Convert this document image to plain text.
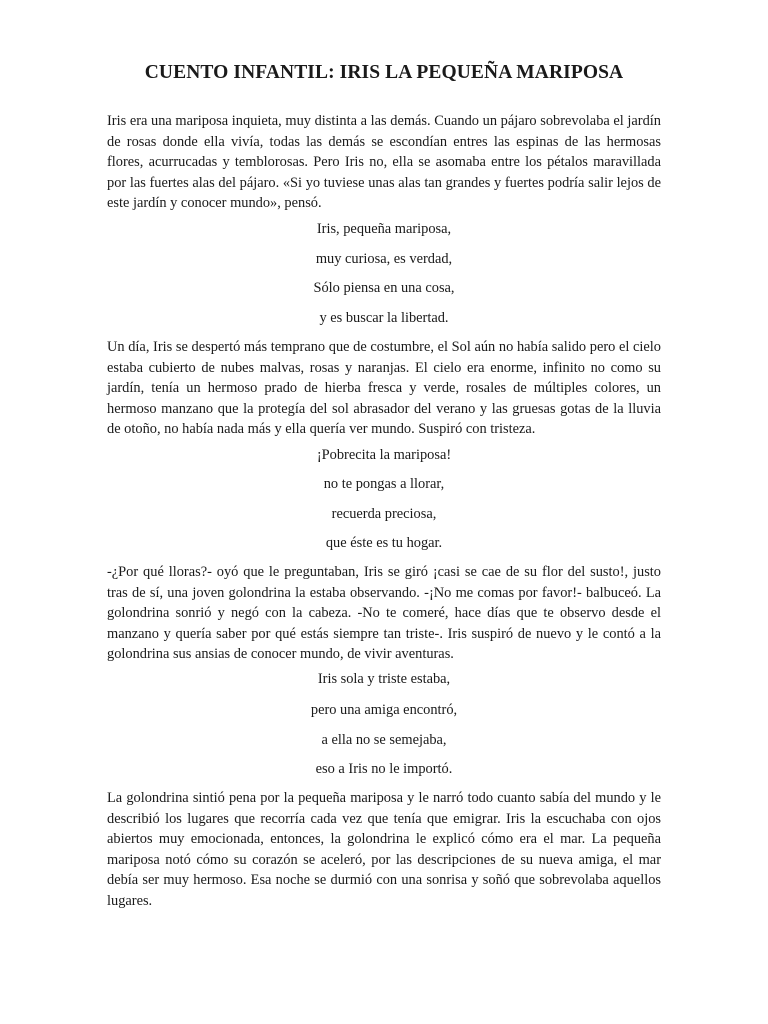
CUENTO INFANTIL: IRIS LA PEQUEÑA MARIPOSA

Iris era una mariposa inquieta, muy distinta a las demás. Cuando un pájaro sobrevolaba el jardín de rosas donde ella vivía, todas las demás se escondían entres las espinas de las hermosas flores, acurrucadas y temblorosas. Pero Iris no, ella se asomaba entre los pétalos maravillada por las fuertes alas del pájaro. «Si yo tuviese unas alas tan grandes y fuertes podría salir lejos de este jardín y conocer mundo», pensó.

Iris, pequeña mariposa,

muy curiosa, es verdad,

Sólo piensa en una cosa,

y es buscar la libertad.

Un día, Iris se despertó más temprano que de costumbre, el Sol aún no había salido pero el cielo estaba cubierto de nubes malvas, rosas y naranjas. El cielo era enorme, infinito no como su jardín, tenía un hermoso prado de hierba fresca y verde, rosales de múltiples colores, un hermoso manzano que la protegía del sol abrasador del verano y las gruesas gotas de la lluvia de otoño, no había nada más y ella quería ver mundo. Suspiró con tristeza.

¡Pobrecita la mariposa!

no te pongas a llorar,

recuerda preciosa,

que éste es tu hogar.

-¿Por qué lloras?- oyó que le preguntaban, Iris se giró ¡casi se cae de su flor del susto!, justo tras de sí, una joven golondrina la estaba observando. -¡No me comas por favor!- balbuceó. La golondrina sonrió y negó con la cabeza. -No te comeré, hace días que te observo desde el manzano y quería saber por qué estás siempre tan triste-. Iris suspiró de nuevo y le contó a la golondrina sus ansias de conocer mundo, de vivir aventuras.

Iris sola y triste estaba,

pero una amiga encontró,

a ella no se semejaba,

eso a Iris no le importó.

La golondrina sintió pena por la pequeña mariposa y le narró todo cuanto sabía del mundo y le describió los lugares que recorría cada vez que tenía que emigrar. Iris la escuchaba con ojos abiertos muy emocionada, entonces, la golondrina le explicó cómo era el mar. La pequeña mariposa notó cómo su corazón se aceleró, por las descripciones de su nueva amiga, el mar debía ser muy hermoso. Esa noche se durmió con una sonrisa y soñó que sobrevolaba aquellos lugares.
